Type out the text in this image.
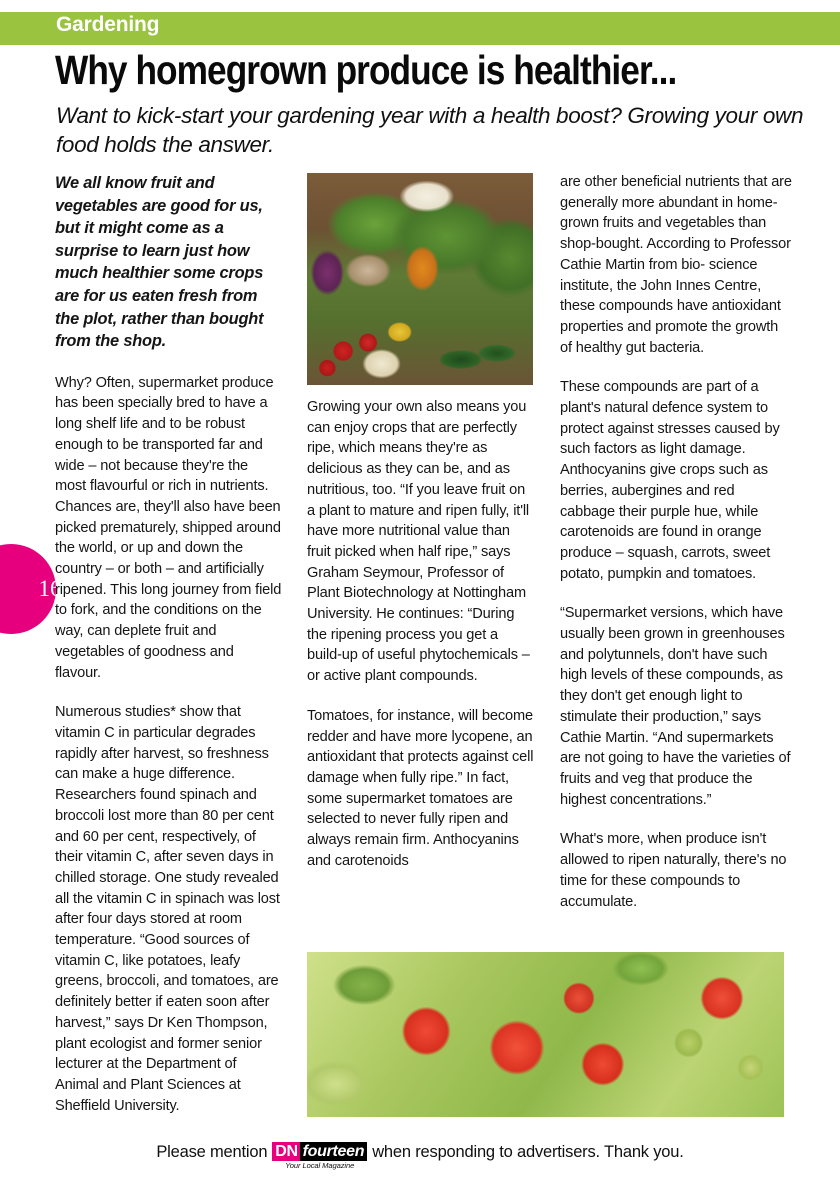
Gardening
Why homegrown produce is healthier...
Want to kick-start your gardening year with a health boost? Growing your own food holds the answer.
16

We all know fruit and vegetables are good for us, but it might come as a surprise to learn just how much healthier some crops are for us eaten fresh from the plot, rather than bought from the shop.

Why? Often, supermarket produce has been specially bred to have a long shelf life and to be robust enough to be transported far and wide – not because they're the most flavourful or rich in nutrients. Chances are, they'll also have been picked prematurely, shipped around the world, or up and down the country – or both – and artificially ripened. This long journey from field to fork, and the conditions on the way, can deplete fruit and vegetables of goodness and flavour.

Numerous studies* show that vitamin C in particular degrades rapidly after harvest, so freshness can make a huge difference. Researchers found spinach and broccoli lost more than 80 per cent and 60 per cent, respectively, of their vitamin C, after seven days in chilled storage. One study revealed all the vitamin C in spinach was lost after four days stored at room temperature. “Good sources of vitamin C, like potatoes, leafy greens, broccoli, and tomatoes, are definitely better if eaten soon after harvest,” says Dr Ken Thompson, plant ecologist and former senior lecturer at the Department of Animal and Plant Sciences at Sheffield University.

Growing your own also means you can enjoy crops that are perfectly ripe, which means they're as delicious as they can be, and as nutritious, too. “If you leave fruit on a plant to mature and ripen fully, it'll have more nutritional value than fruit picked when half ripe,” says Graham Seymour, Professor of Plant Biotechnology at Nottingham University. He continues: “During the ripening process you get a build-up of useful phytochemicals – or active plant compounds.

Tomatoes, for instance, will become redder and have more lycopene, an antioxidant that protects against cell damage when fully ripe.” In fact, some supermarket tomatoes are selected to never fully ripen and always remain firm. Anthocyanins and carotenoids

are other beneficial nutrients that are generally more abundant in home-grown fruits and vegetables than shop-bought. According to Professor Cathie Martin from bio- science institute, the John Innes Centre, these compounds have antioxidant properties and promote the growth of healthy gut bacteria.

These compounds are part of a plant's natural defence system to protect against stresses caused by such factors as light damage. Anthocyanins give crops such as berries, aubergines and red cabbage their purple hue, while carotenoids are found in orange produce – squash, carrots, sweet potato, pumpkin and tomatoes.

“Supermarket versions, which have usually been grown in greenhouses and polytunnels, don't have such high levels of these compounds, as they don't get enough light to stimulate their production,” says Cathie Martin. “And supermarkets are not going to have the varieties of fruits and veg that produce the highest concentrations.”

What's more, when produce isn't allowed to ripen naturally, there's no time for these compounds to accumulate.

Please mention DN fourteen
Your Local Magazine
when responding to advertisers. Thank you.
